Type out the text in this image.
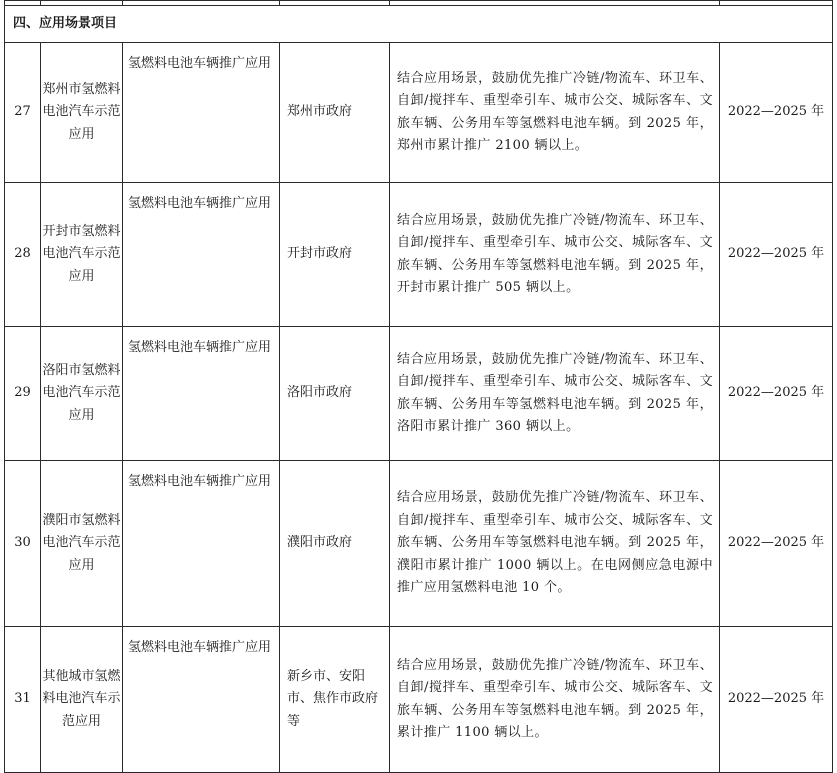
四、应用场景项目					
27	郑州市氢燃料电池汽车示范应用	氢燃料电池车辆推广应用	郑州市政府	结合应用场景，鼓励优先推广冷链/物流车、环卫车、自卸/搅拌车、重型牵引车、城市公交、城际客车、文旅车辆、公务用车等氢燃料电池车辆。到 2025 年，郑州市累计推广 2100 辆以上。	2022—2025 年
28	开封市氢燃料电池汽车示范应用	氢燃料电池车辆推广应用	开封市政府	结合应用场景，鼓励优先推广冷链/物流车、环卫车、自卸/搅拌车、重型牵引车、城市公交、城际客车、文旅车辆、公务用车等氢燃料电池车辆。到 2025 年，开封市累计推广 505 辆以上。	2022—2025 年
29	洛阳市氢燃料电池汽车示范应用	氢燃料电池车辆推广应用	洛阳市政府	结合应用场景，鼓励优先推广冷链/物流车、环卫车、自卸/搅拌车、重型牵引车、城市公交、城际客车、文旅车辆、公务用车等氢燃料电池车辆。到 2025 年，洛阳市累计推广 360 辆以上。	2022—2025 年
30	濮阳市氢燃料电池汽车示范应用	氢燃料电池车辆推广应用	濮阳市政府	结合应用场景，鼓励优先推广冷链/物流车、环卫车、自卸/搅拌车、重型牵引车、城市公交、城际客车、文旅车辆、公务用车等氢燃料电池车辆。到 2025 年，濮阳市累计推广 1000 辆以上。在电网侧应急电源中推广应用氢燃料电池 10 个。	2022—2025 年
31	其他城市氢燃料电池汽车示范应用	氢燃料电池车辆推广应用	新乡市、安阳市、焦作市政府等	结合应用场景，鼓励优先推广冷链/物流车、环卫车、自卸/搅拌车、重型牵引车、城市公交、城际客车、文旅车辆、公务用车等氢燃料电池车辆。到 2025 年，累计推广 1100 辆以上。	2022—2025 年
